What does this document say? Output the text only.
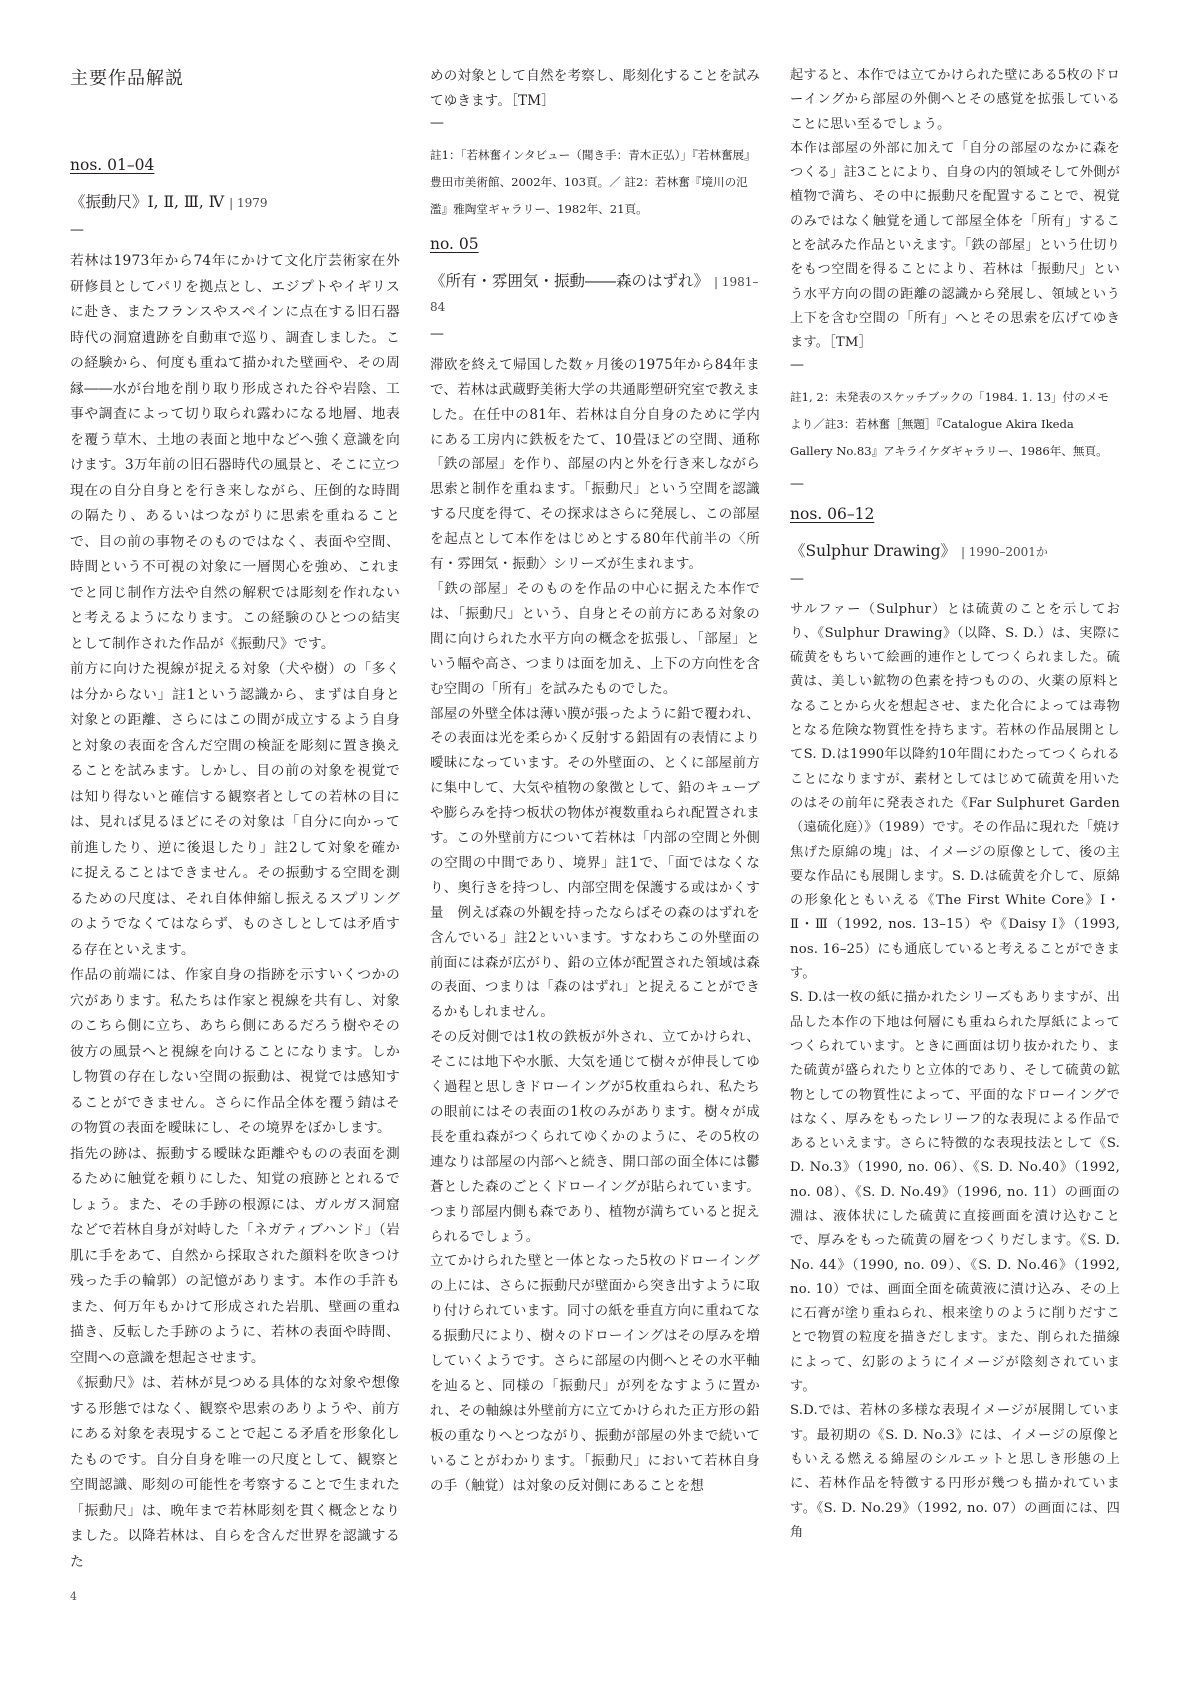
主要作品解説
nos. 01–04
《振動尺》Ⅰ, Ⅱ, Ⅲ, Ⅳ | 1979
—

若林は1973年から74年にかけて文化庁芸術家在外研修員としてパリを拠点とし、エジプトやイギリスに赴き、またフランスやスペインに点在する旧石器時代の洞窟遺跡を自動車で巡り、調査しました。この経験から、何度も重ねて描かれた壁画や、その周縁――水が台地を削り取り形成された谷や岩陰、工事や調査によって切り取られ露わになる地層、地表を覆う草木、土地の表面と地中などへ強く意識を向けます。3万年前の旧石器時代の風景と、そこに立つ現在の自分自身とを行き来しながら、圧倒的な時間の隔たり、あるいはつながりに思索を重ねることで、目の前の事物そのものではなく、表面や空間、時間という不可視の対象に一層関心を強め、これまでと同じ制作方法や自然の解釈では彫刻を作れないと考えるようになります。この経験のひとつの結実として制作された作品が《振動尺》です。

前方に向けた視線が捉える対象（犬や樹）の「多くは分からない」註1という認識から、まずは自身と対象との距離、さらにはこの間が成立するよう自身と対象の表面を含んだ空間の検証を彫刻に置き換えることを試みます。しかし、目の前の対象を視覚では知り得ないと確信する観察者としての若林の目には、見れば見るほどにその対象は「自分に向かって前進したり、逆に後退したり」註2して対象を確かに捉えることはできません。その振動する空間を測るための尺度は、それ自体伸縮し振えるスプリングのようでなくてはならず、ものさしとしては矛盾する存在といえます。

作品の前端には、作家自身の指跡を示すいくつかの穴があります。私たちは作家と視線を共有し、対象のこちら側に立ち、あちら側にあるだろう樹やその彼方の風景へと視線を向けることになります。しかし物質の存在しない空間の振動は、視覚では感知することができません。さらに作品全体を覆う錆はその物質の表面を曖昧にし、その境界をぼかします。

指先の跡は、振動する曖昧な距離やものの表面を測るために触覚を頼りにした、知覚の痕跡ととれるでしょう。また、その手跡の根源には、ガルガス洞窟などで若林自身が対峙した「ネガティブハンド」（岩肌に手をあて、自然から採取された顔料を吹きつけ残った手の輪郭）の記憶があります。本作の手許もまた、何万年もかけて形成された岩肌、壁画の重ね描き、反転した手跡のように、若林の表面や時間、空間への意識を想起させます。

《振動尺》は、若林が見つめる具体的な対象や想像する形態ではなく、観察や思索のありようや、前方にある対象を表現することで起こる矛盾を形象化したものです。自分自身を唯一の尺度として、観察と空間認識、彫刻の可能性を考察することで生まれた「振動尺」は、晩年まで若林彫刻を貫く概念となりました。以降若林は、自らを含んだ世界を認識するた

めの対象として自然を考察し、彫刻化することを試みてゆきます。［TM］

—

註1：「若林奮インタビュー（聞き手：青木正弘）」『若林奮展』豊田市美術館、2002年、103頁。／ 註2：若林奮『境川の氾濫』雅陶堂ギャラリー、1982年、21頁。

no. 05
《所有・雰囲気・振動――森のはずれ》 | 1981–84
—

滞欧を終えて帰国した数ヶ月後の1975年から84年まで、若林は武蔵野美術大学の共通彫塑研究室で教えました。在任中の81年、若林は自分自身のために学内にある工房内に鉄板をたて、10畳ほどの空間、通称「鉄の部屋」を作り、部屋の内と外を行き来しながら思索と制作を重ねます。「振動尺」という空間を認識する尺度を得て、その探求はさらに発展し、この部屋を起点として本作をはじめとする80年代前半の〈所有・雰囲気・振動〉シリーズが生まれます。

「鉄の部屋」そのものを作品の中心に据えた本作では、「振動尺」という、自身とその前方にある対象の間に向けられた水平方向の概念を拡張し、「部屋」という幅や高さ、つまりは面を加え、上下の方向性を含む空間の「所有」を試みたものでした。

部屋の外壁全体は薄い膜が張ったように鉛で覆われ、その表面は光を柔らかく反射する鉛固有の表情により曖昧になっています。その外壁面の、とくに部屋前方に集中して、大気や植物の象徴として、鉛のキューブや膨らみを持つ板状の物体が複数重ねられ配置されます。この外壁前方について若林は「内部の空間と外側の空間の中間であり、境界」註1で、「面ではなくなり、奥行きを持つし、内部空間を保護する或はかくす量　例えば森の外観を持ったならばその森のはずれを含んでいる」註2といいます。すなわちこの外壁面の前面には森が広がり、鉛の立体が配置された領域は森の表面、つまりは「森のはずれ」と捉えることができるかもしれません。

その反対側では1枚の鉄板が外され、立てかけられ、そこには地下や水脈、大気を通じて樹々が伸長してゆく過程と思しきドローイングが5枚重ねられ、私たちの眼前にはその表面の1枚のみがあります。樹々が成長を重ね森がつくられてゆくかのように、その5枚の連なりは部屋の内部へと続き、開口部の面全体には鬱蒼とした森のごとくドローイングが貼られています。つまり部屋内側も森であり、植物が満ちていると捉えられるでしょう。

立てかけられた壁と一体となった5枚のドローイングの上には、さらに振動尺が壁面から突き出すように取り付けられています。同寸の紙を垂直方向に重ねてなる振動尺により、樹々のドローイングはその厚みを増していくようです。さらに部屋の内側へとその水平軸を辿ると、同様の「振動尺」が列をなすように置かれ、その軸線は外壁前方に立てかけられた正方形の鉛板の重なりへとつながり、振動が部屋の外まで続いていることがわかります。「振動尺」において若林自身の手（触覚）は対象の反対側にあることを想

起すると、本作では立てかけられた壁にある5枚のドローイングから部屋の外側へとその感覚を拡張していることに思い至るでしょう。

本作は部屋の外部に加えて「自分の部屋のなかに森をつくる」註3ことにより、自身の内的領域そして外側が植物で満ち、その中に振動尺を配置することで、視覚のみではなく触覚を通して部屋全体を「所有」することを試みた作品といえます。「鉄の部屋」という仕切りをもつ空間を得ることにより、若林は「振動尺」という水平方向の間の距離の認識から発展し、領域という上下を含む空間の「所有」へとその思索を広げてゆきます。［TM］

—

註1, 2：未発表のスケッチブックの「1984. 1. 13」付のメモより／註3：若林奮［無題］『Catalogue Akira Ikeda Gallery No.83』アキライケダギャラリー、1986年、無頁。

—
nos. 06–12
《Sulphur Drawing》 | 1990–2001か
—

サルファー（Sulphur）とは硫黄のことを示しており、《Sulphur Drawing》（以降、S. D.）は、実際に硫黄をもちいて絵画的連作としてつくられました。硫黄は、美しい鉱物の色素を持つものの、火薬の原料となることから火を想起させ、また化合によっては毒物となる危険な物質性を持ちます。若林の作品展開としてS. D.は1990年以降約10年間にわたってつくられることになりますが、素材としてはじめて硫黄を用いたのはその前年に発表された《Far Sulphuret Garden（遠硫化庭）》（1989）です。その作品に現れた「焼け焦げた原綿の塊」は、イメージの原像として、後の主要な作品にも展開します。S. D.は硫黄を介して、原綿の形象化ともいえる《The First White Core》Ⅰ・Ⅱ・Ⅲ（1992, nos. 13–15）や《Daisy Ⅰ》（1993, nos. 16–25）にも通底していると考えることができます。

S. D.は一枚の紙に描かれたシリーズもありますが、出品した本作の下地は何層にも重ねられた厚紙によってつくられています。ときに画面は切り抜かれたり、また硫黄が盛られたりと立体的であり、そして硫黄の鉱物としての物質性によって、平面的なドローイングではなく、厚みをもったレリーフ的な表現による作品であるといえます。さらに特徴的な表現技法として《S. D. No.3》（1990, no. 06）、《S. D. No.40》（1992, no. 08）、《S. D. No.49》（1996, no. 11）の画面の淵は、液体状にした硫黄に直接画面を漬け込むことで、厚みをもった硫黄の層をつくりだします。《S. D. No. 44》（1990, no. 09）、《S. D. No.46》（1992, no. 10）では、画面全面を硫黄液に漬け込み、その上に石膏が塗り重ねられ、根来塗りのように削りだすことで物質の粒度を描きだします。また、削られた描線によって、幻影のようにイメージが陰刻されています。

S.D.では、若林の多様な表現イメージが展開しています。最初期の《S. D. No.3》には、イメージの原像ともいえる燃える綿屋のシルエットと思しき形態の上に、若林作品を特徴する円形が幾つも描かれています。《S. D. No.29》（1992, no. 07）の画面には、四角

4
